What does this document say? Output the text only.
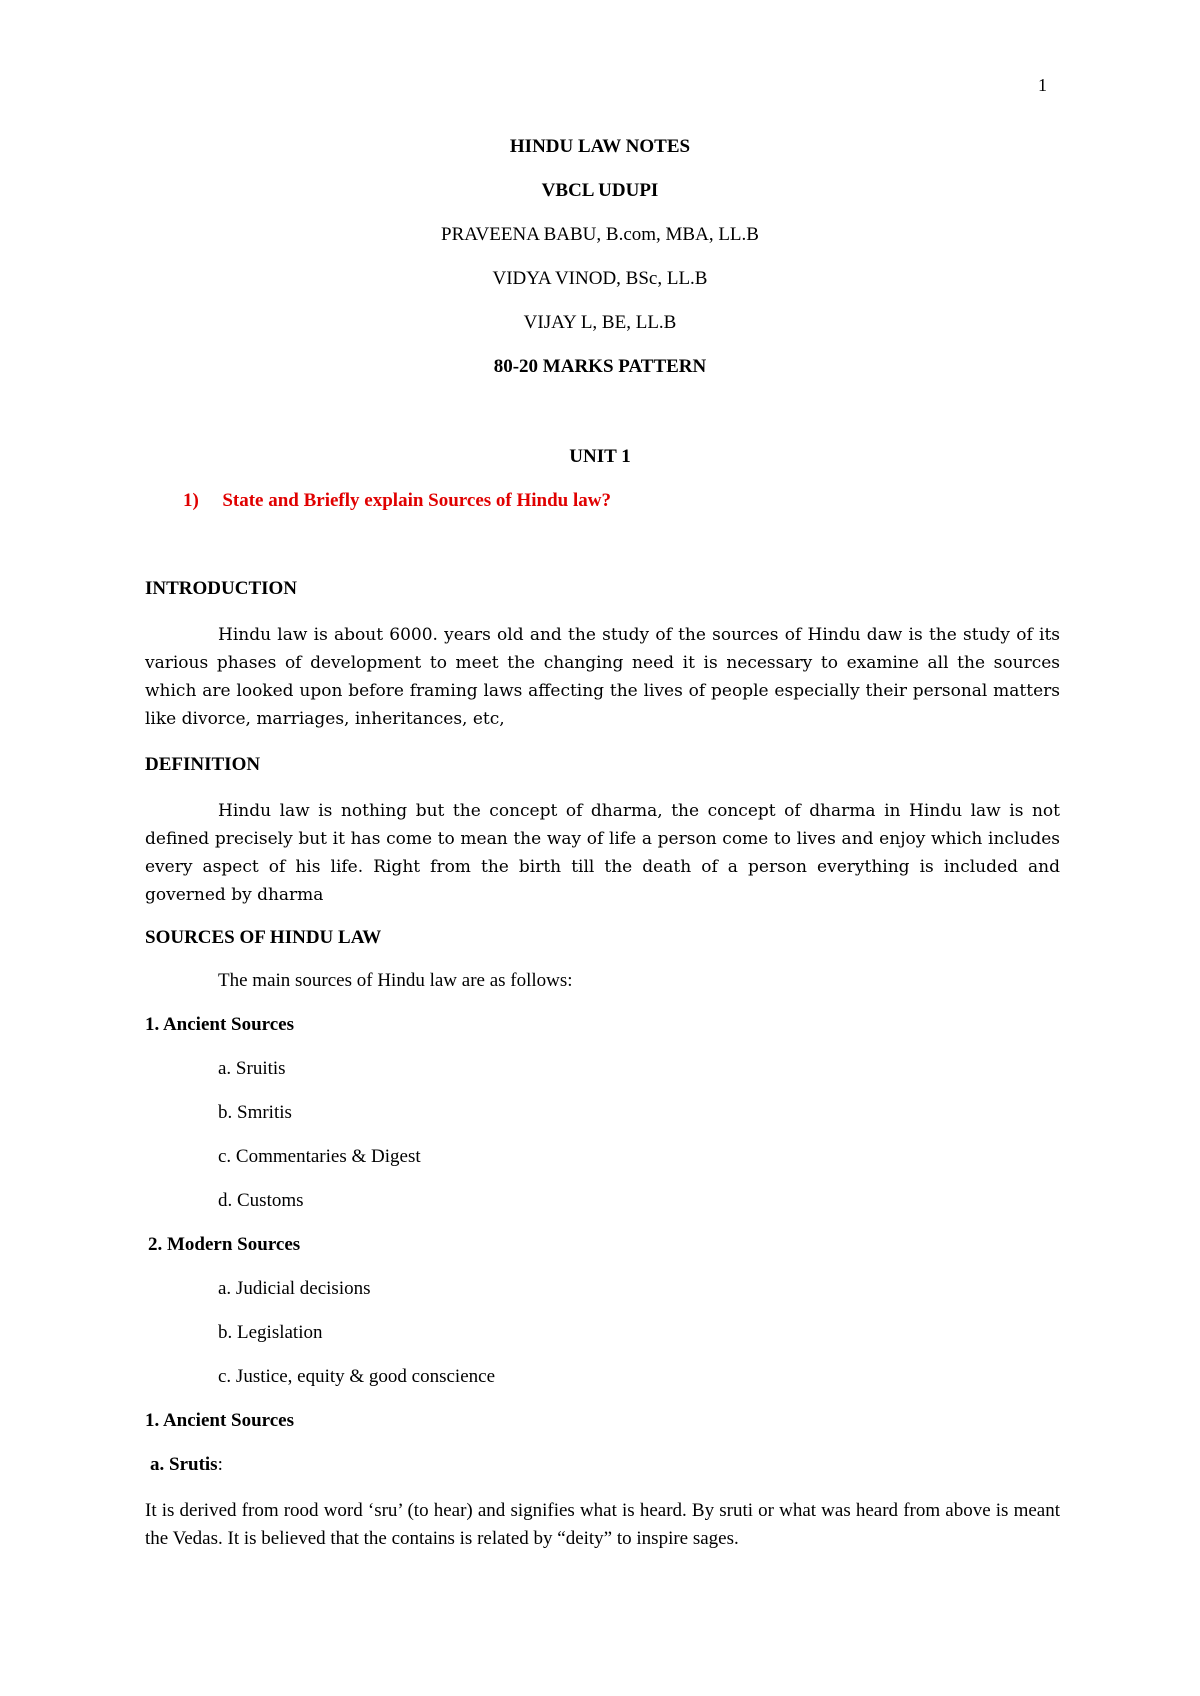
1
HINDU LAW NOTES
VBCL UDUPI
PRAVEENA BABU, B.com, MBA, LL.B
VIDYA VINOD, BSc, LL.B
VIJAY L, BE, LL.B
80-20 MARKS PATTERN
UNIT 1
1) State and Briefly explain Sources of Hindu law?
INTRODUCTION
Hindu law is about 6000. years old and the study of the sources of Hindu daw is the study of its various phases of development to meet the changing need it is necessary to examine all the sources which are looked upon before framing laws affecting the lives of people especially their personal matters like divorce, marriages, inheritances, etc,
DEFINITION
Hindu law is nothing but the concept of dharma, the concept of dharma in Hindu law is not defined precisely but it has come to mean the way of life a person come to lives and enjoy which includes every aspect of his life. Right from the birth till the death of a person everything is included and governed by dharma
SOURCES OF HINDU LAW
The main sources of Hindu law are as follows:
1. Ancient Sources
a. Sruitis
b. Smritis
c. Commentaries & Digest
d. Customs
2. Modern Sources
a. Judicial decisions
b. Legislation
c. Justice, equity & good conscience
1. Ancient Sources
a. Srutis:
It is derived from rood word ‘sru’ (to hear) and signifies what is heard. By sruti or what was heard from above is meant the Vedas. It is believed that the contains is related by “deity” to inspire sages.
